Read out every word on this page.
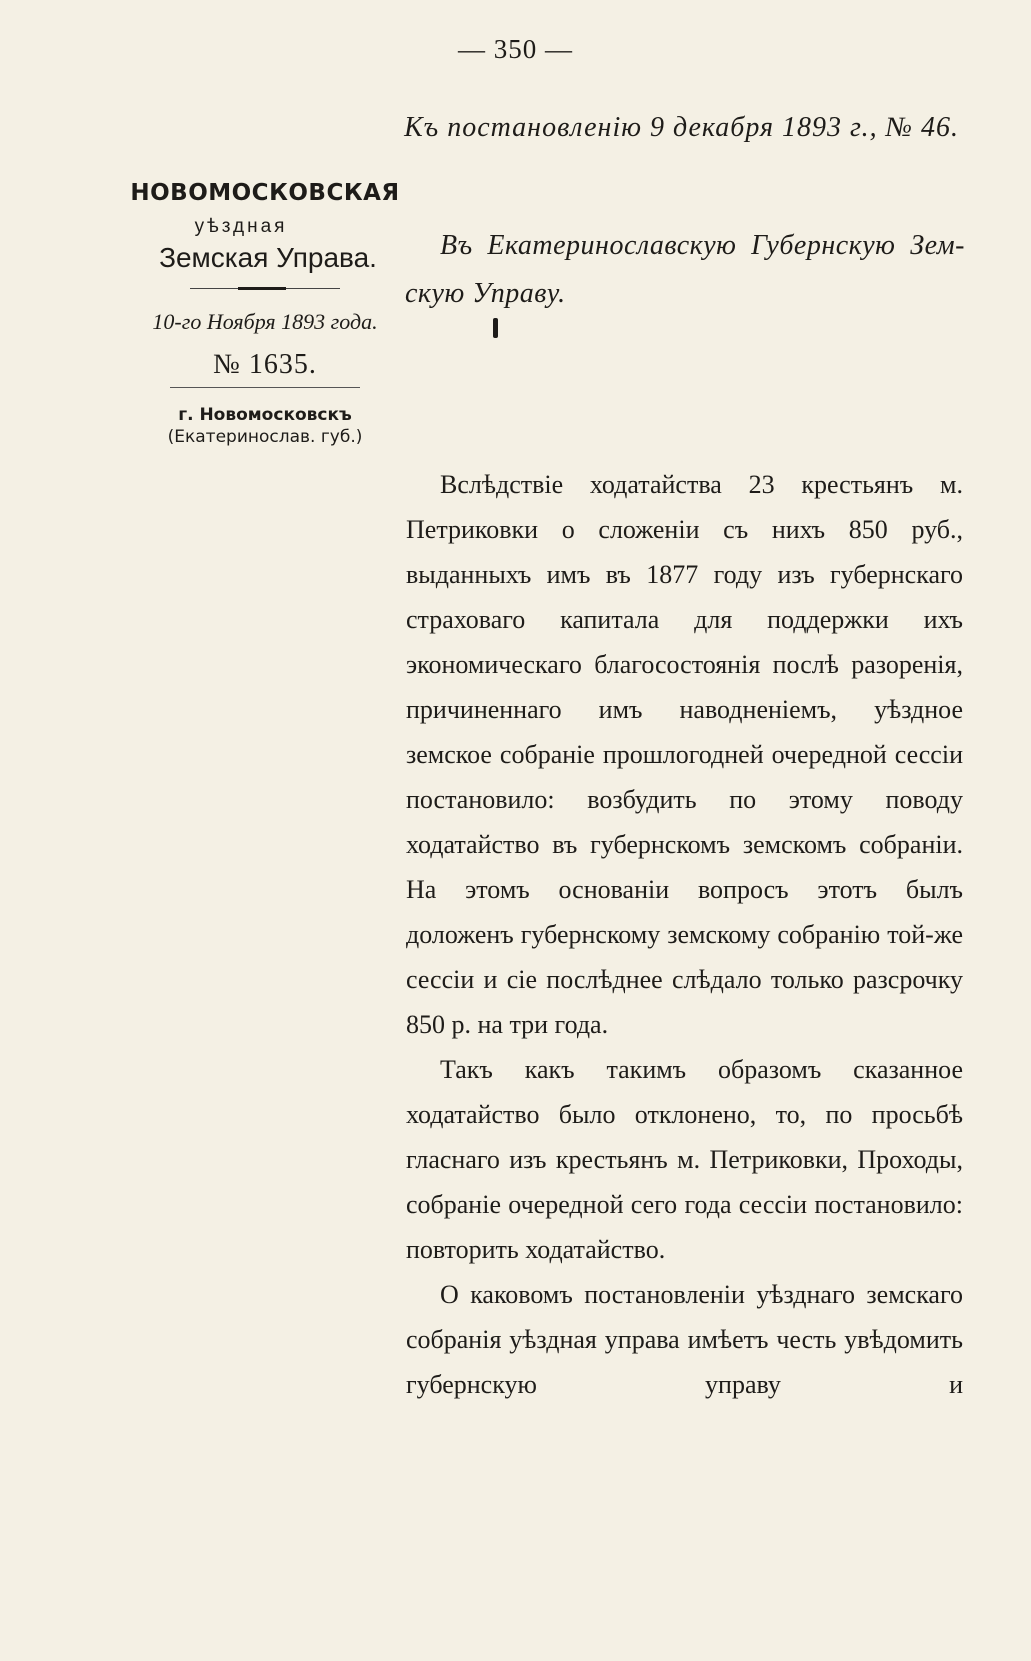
— 350 —
Къ постановленiю 9 декабря 1893 г., № 46.
НОВОМОСКОВСКАЯ
уѣздная
Земская Управа.
10-го Ноября 1893 года.
№ 1635.
г. Новомосковскъ
(Екатеринослав. губ.)
Въ Екатеринославскую Губернскую Зем-
скую Управу.

Вслѣдствiе ходатайства 23 крестьянъ м. Петриковки о сложенiи съ нихъ 850 руб., выданныхъ имъ въ 1877 году изъ губернскаго страховаго капитала для поддержки ихъ экономическаго благосостоянiя послѣ разоренiя, причиненнаго имъ наводненiемъ, уѣздное земское собранiе прошлогодней очередной сессiи постановило: возбудить по этому поводу ходатайство въ губернскомъ земскомъ собранiи. На этомъ основанiи вопросъ этотъ былъ доложенъ губернскому земскому собранiю той-же сессiи и сiе послѣднее слѣдало только разсрочку 850 р. на три года.

Такъ какъ такимъ образомъ сказанное ходатайство было отклонено, то, по просьбѣ гласнаго изъ крестьянъ м. Петриковки, Проходы, собранiе очередной сего года сессiи постановило: повторить ходатайство.

О каковомъ постановленiи уѣзднаго земскаго собранiя уѣздная управа имѣетъ честь увѣдомить губернскую управу и
